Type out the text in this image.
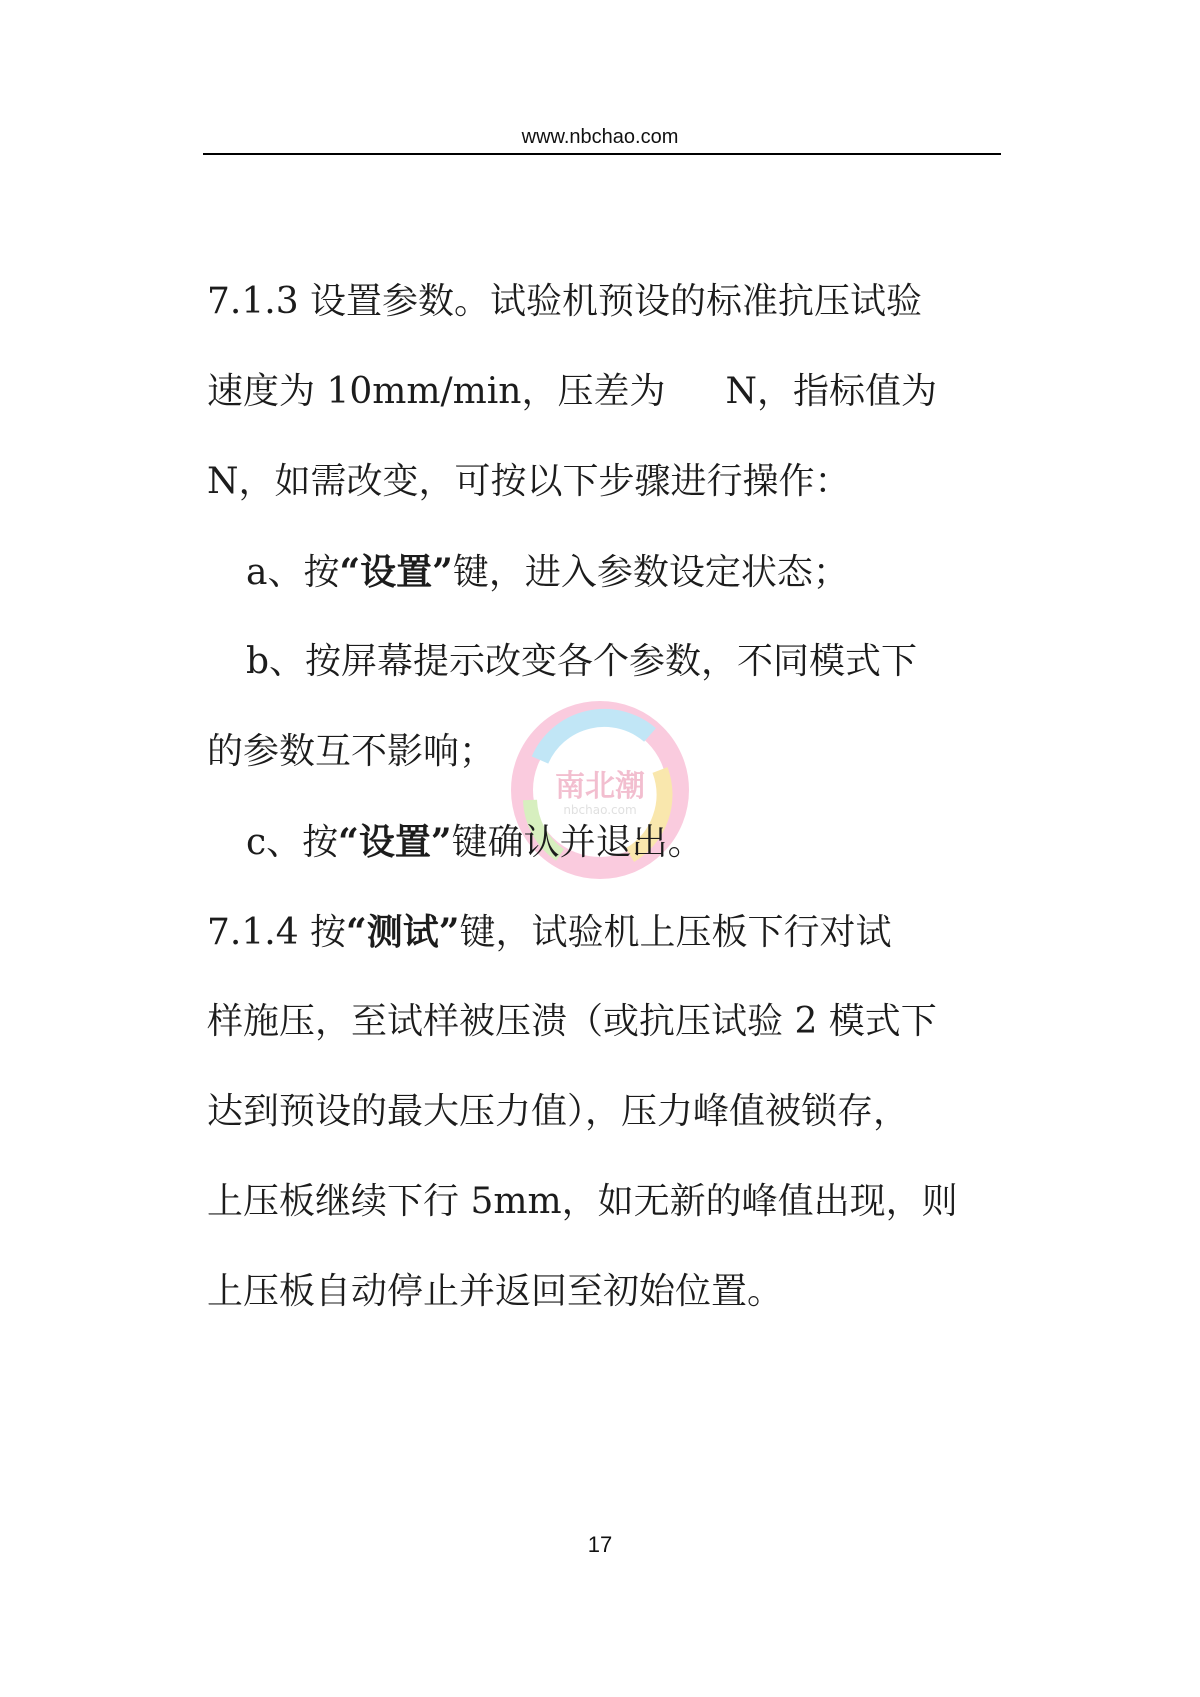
www.nbchao.com
南北潮
nbchao.com
7.1.3 设置参数。试验机预设的标准抗压试验
速度为 10mm/min，压差为 N，指标值为
N，如需改变，可按以下步骤进行操作：
a、按“设置”键，进入参数设定状态；
b、按屏幕提示改变各个参数，不同模式下
的参数互不影响；
c、按“设置”键确认并退出。
7.1.4 按“测试”键，试验机上压板下行对试
样施压，至试样被压溃（或抗压试验 2 模式下
达到预设的最大压力值），压力峰值被锁存，
上压板继续下行 5mm，如无新的峰值出现，则
上压板自动停止并返回至初始位置。
17
